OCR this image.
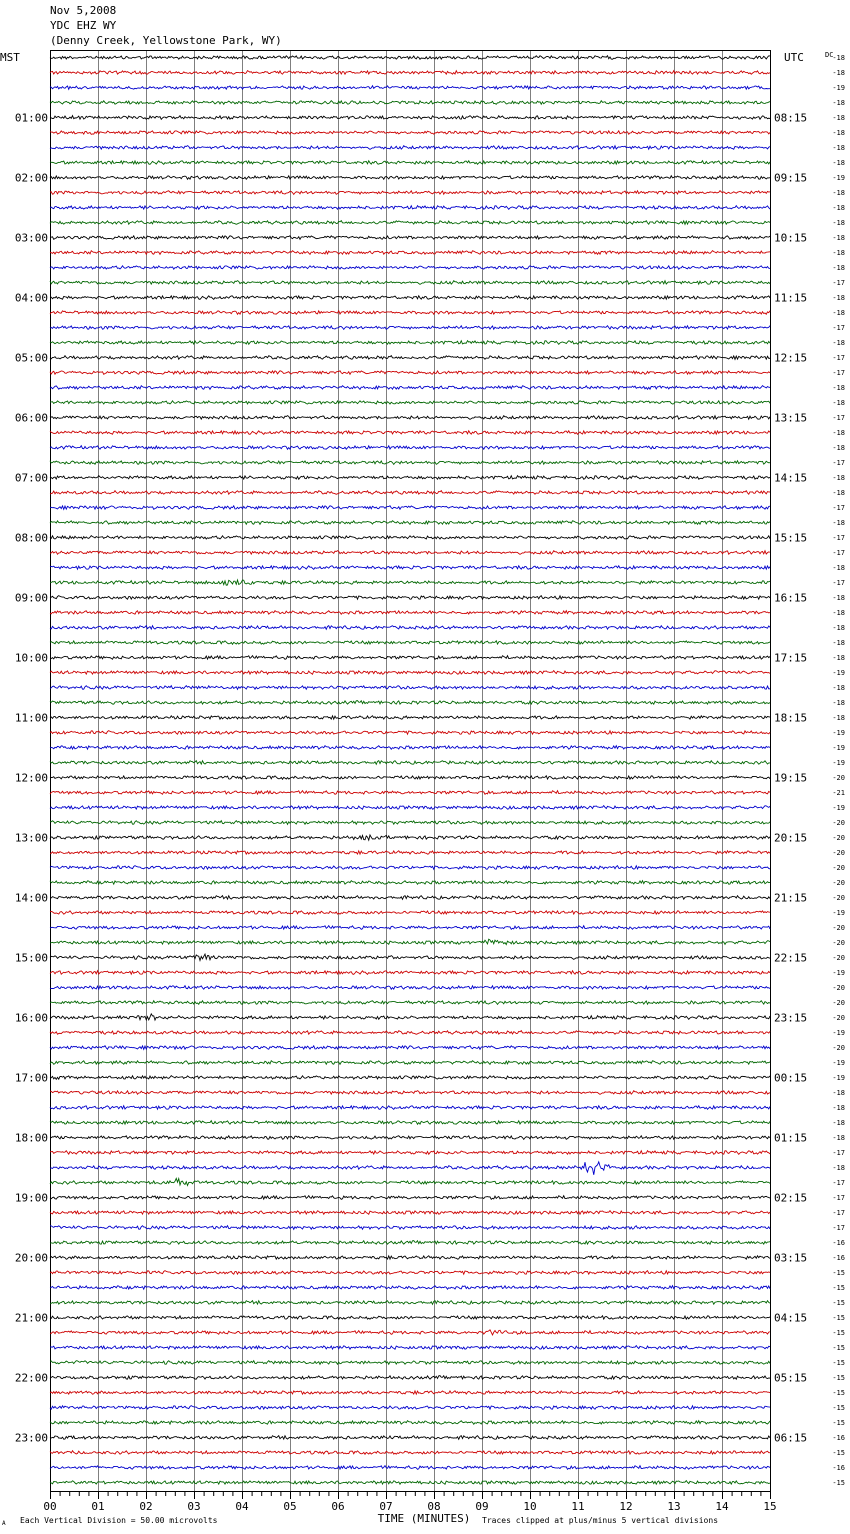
Nov 5,2008
YDC EHZ WY
(Denny Creek, Yellowstone Park, WY)
MST	UTC	DC
01:00
02:00
03:00
04:00
05:00
06:00
07:00
08:00
09:00
10:00
11:00
12:00
13:00
14:00
15:00
16:00
17:00
18:00
19:00
20:00
21:00
22:00
23:00
08:15
09:15
10:15
11:15
12:15
13:15
14:15
15:15
16:15
17:15
18:15
19:15
20:15
21:15
22:15
23:15
00:15
01:15
02:15
03:15
04:15
05:15
06:15
-18
-18
-19
-18
-18
-18
-18
-18
-19
-18
-18
-18
-18
-18
-18
-17
-18
-18
-17
-18
-17
-17
-18
-18
-17
-18
-18
-17
-18
-18
-17
-18
-17
-17
-18
-17
-18
-18
-18
-18
-18
-19
-18
-18
-18
-19
-19
-19
-20
-21
-19
-20
-20
-20
-20
-20
-20
-19
-20
-20
-20
-19
-20
-20
-20
-19
-20
-19
-19
-18
-18
-18
-18
-17
-18
-17
-17
-17
-17
-16
-16
-15
-15
-15
-15
-15
-15
-15
-15
-15
-15
-15
-16
-15
-16
-15
00	01	02	03	04	05	06	07	08	09	10	11	12	13	14	15
TIME (MINUTES)
Each Vertical Division = 50.00 microvolts	Traces clipped at plus/minus 5 vertical divisions
A
